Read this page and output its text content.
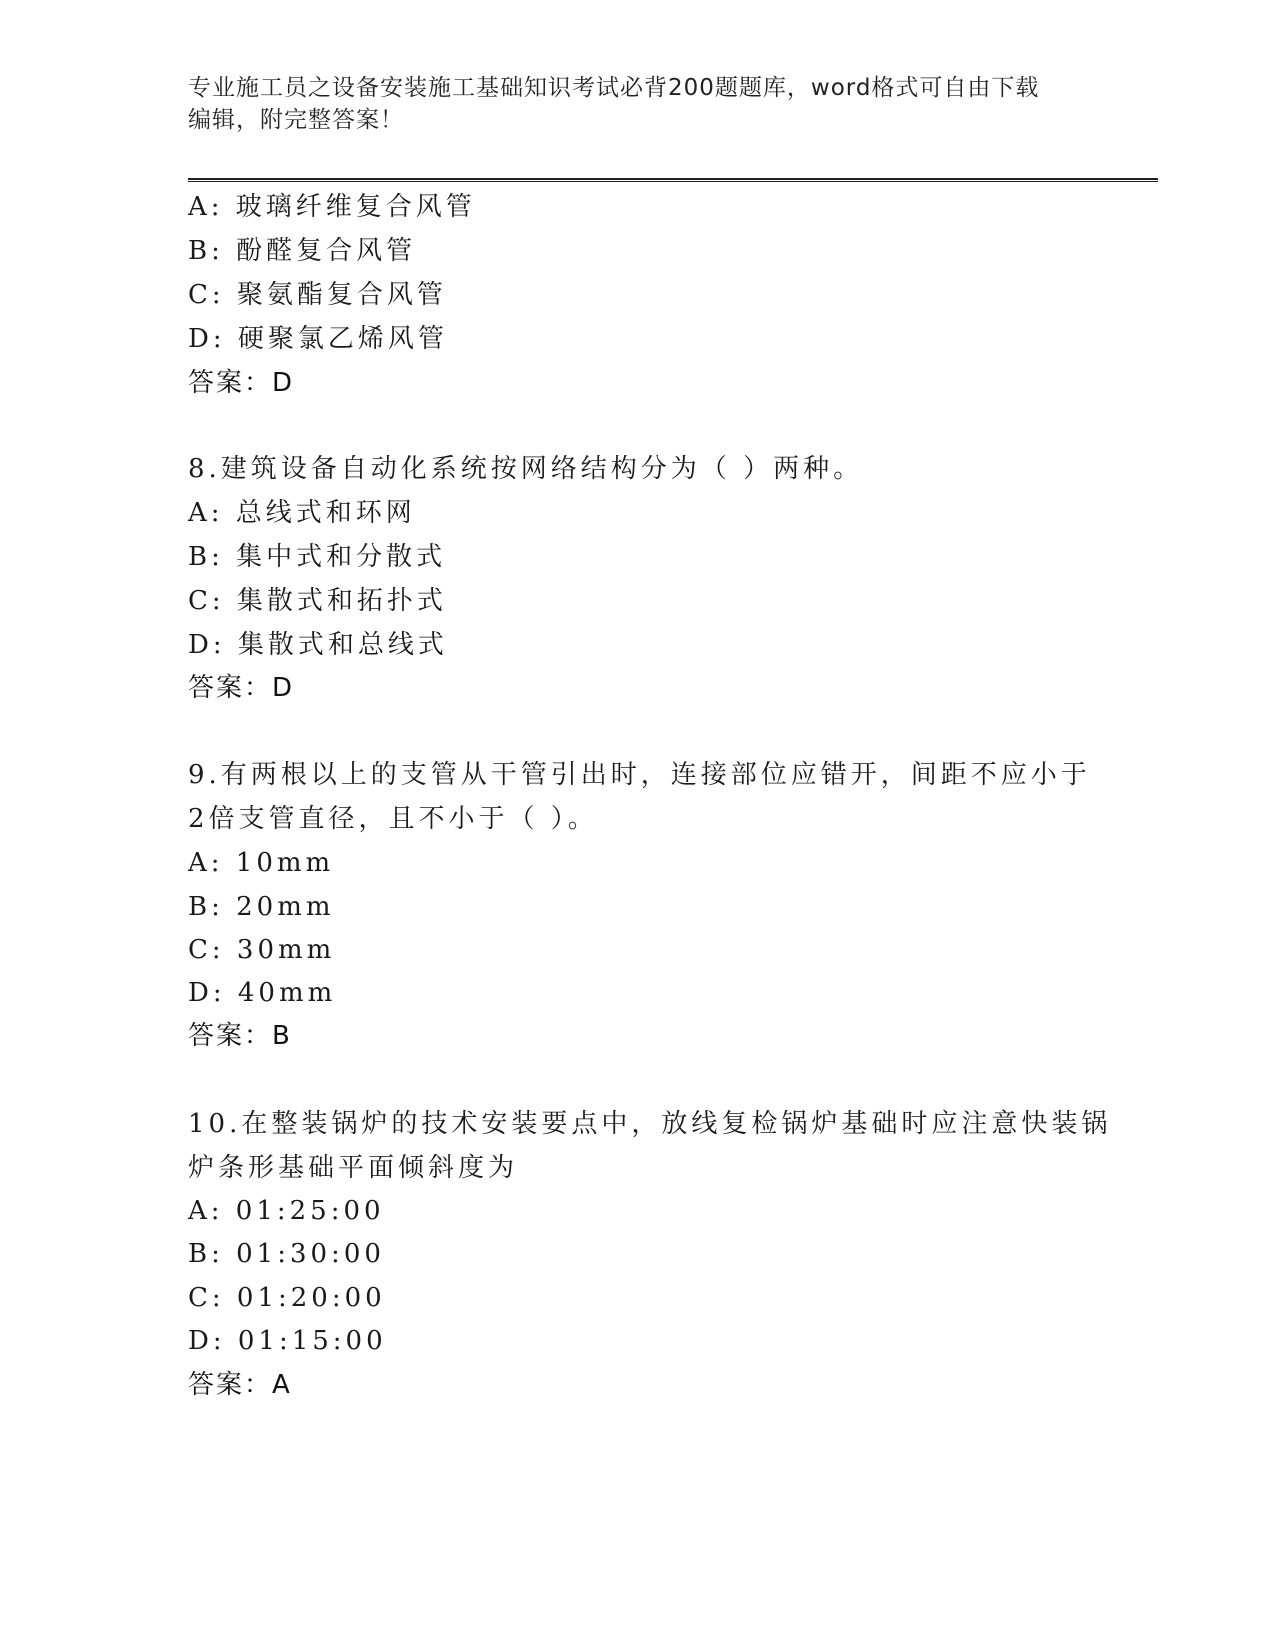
专业施工员之设备安装施工基础知识考试必背200题题库，word格式可自由下载
编辑，附完整答案！
A: 玻璃纤维复合风管
B: 酚醛复合风管
C: 聚氨酯复合风管
D: 硬聚氯乙烯风管
答案：D
8.建筑设备自动化系统按网络结构分为（ ）两种。
A: 总线式和环网
B: 集中式和分散式
C: 集散式和拓扑式
D: 集散式和总线式
答案：D
9.有两根以上的支管从干管引出时，连接部位应错开，间距不应小于
2倍支管直径，且不小于（ ）。
A: 10mm
B: 20mm
C: 30mm
D: 40mm
答案：B
10.在整装锅炉的技术安装要点中，放线复检锅炉基础时应注意快装锅
炉条形基础平面倾斜度为
A: 01:25:00
B: 01:30:00
C: 01:20:00
D: 01:15:00
答案：A
